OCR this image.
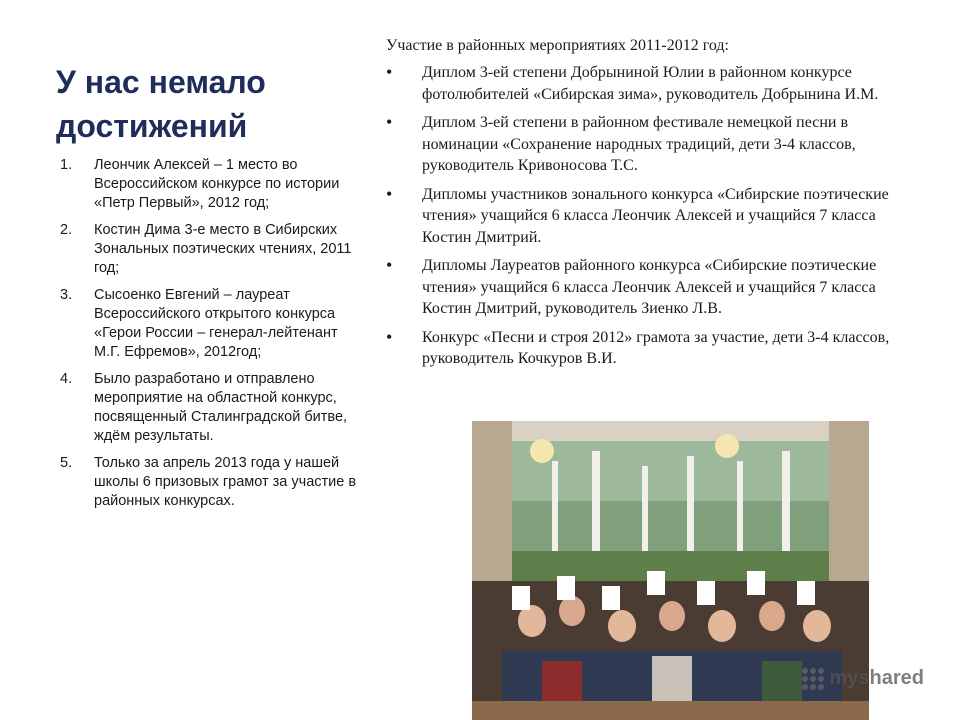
У нас немало достижений
1.	Леончик Алексей – 1 место во Всероссийском конкурсе по истории «Петр Первый», 2012 год;
2.	Костин Дима 3-е место в Сибирских Зональных поэтических чтениях, 2011 год;
3.	Сысоенко Евгений – лауреат Всероссийского открытого конкурса «Герои России – генерал-лейтенант М.Г. Ефремов», 2012год;
4.	Было разработано и отправлено мероприятие на областной конкурс, посвященный Сталинградской битве, ждём результаты.
5.	Только за апрель 2013 года у нашей школы 6 призовых грамот за участие в районных конкурсах.
Участие в районных мероприятиях 2011-2012 год:
•	Диплом 3-ей степени Добрыниной Юлии в районном конкурсе фотолюбителей «Сибирская зима», руководитель Добрынина И.М.
•	Диплом 3-ей степени в районном фестивале немецкой песни в номинации «Сохранение народных традиций, дети 3-4 классов, руководитель Кривоносова Т.С.
•	Дипломы участников зонального конкурса «Сибирские поэтические чтения» учащийся 6 класса Леончик Алексей и учащийся 7 класса Костин Дмитрий.
•	Дипломы Лауреатов районного конкурса «Сибирские поэтические чтения» учащийся 6 класса Леончик Алексей и учащийся 7 класса Костин Дмитрий, руководитель Зиенко Л.В.
•	Конкурс «Песни и строя 2012» грамота за участие, дети 3-4 классов, руководитель Кочкуров В.И.
myshared
